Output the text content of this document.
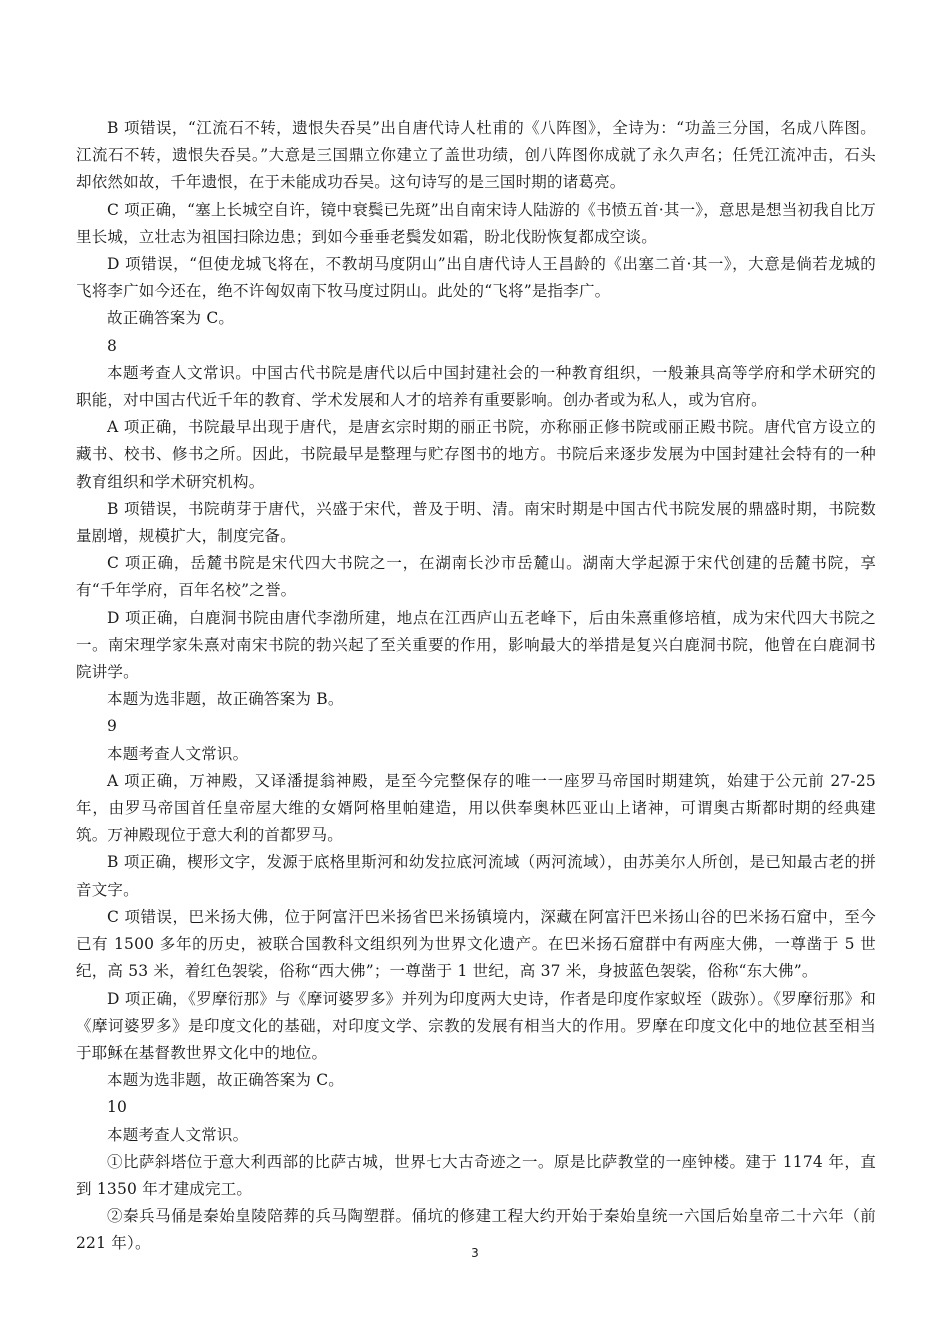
B 项错误，“江流石不转，遗恨失吞吴”出自唐代诗人杜甫的《八阵图》，全诗为：“功盖三分国，名成八阵图。江流石不转，遗恨失吞吴。”大意是三国鼎立你建立了盖世功绩，创八阵图你成就了永久声名；任凭江流冲击，石头却依然如故，千年遗恨，在于未能成功吞吴。这句诗写的是三国时期的诸葛亮。

C 项正确，“塞上长城空自许，镜中衰鬓已先斑”出自南宋诗人陆游的《书愤五首·其一》，意思是想当初我自比万里长城，立壮志为祖国扫除边患；到如今垂垂老鬓发如霜，盼北伐盼恢复都成空谈。

D 项错误，“但使龙城飞将在，不教胡马度阴山”出自唐代诗人王昌龄的《出塞二首·其一》，大意是倘若龙城的飞将李广如今还在，绝不许匈奴南下牧马度过阴山。此处的“飞将”是指李广。

故正确答案为 C。

8

本题考查人文常识。中国古代书院是唐代以后中国封建社会的一种教育组织，一般兼具高等学府和学术研究的职能，对中国古代近千年的教育、学术发展和人才的培养有重要影响。创办者或为私人，或为官府。

A 项正确，书院最早出现于唐代，是唐玄宗时期的丽正书院，亦称丽正修书院或丽正殿书院。唐代官方设立的藏书、校书、修书之所。因此，书院最早是整理与贮存图书的地方。书院后来逐步发展为中国封建社会特有的一种教育组织和学术研究机构。

B 项错误，书院萌芽于唐代，兴盛于宋代，普及于明、清。南宋时期是中国古代书院发展的鼎盛时期，书院数量剧增，规模扩大，制度完备。

C 项正确，岳麓书院是宋代四大书院之一，在湖南长沙市岳麓山。湖南大学起源于宋代创建的岳麓书院，享有“千年学府，百年名校”之誉。

D 项正确，白鹿洞书院由唐代李渤所建，地点在江西庐山五老峰下，后由朱熹重修培植，成为宋代四大书院之一。南宋理学家朱熹对南宋书院的勃兴起了至关重要的作用，影响最大的举措是复兴白鹿洞书院，他曾在白鹿洞书院讲学。

本题为选非题，故正确答案为 B。

9

本题考查人文常识。

A 项正确，万神殿，又译潘提翁神殿，是至今完整保存的唯一一座罗马帝国时期建筑，始建于公元前 27-25 年，由罗马帝国首任皇帝屋大维的女婿阿格里帕建造，用以供奉奥林匹亚山上诸神，可谓奥古斯都时期的经典建筑。万神殿现位于意大利的首都罗马。

B 项正确，楔形文字，发源于底格里斯河和幼发拉底河流域（两河流域），由苏美尔人所创，是已知最古老的拼音文字。

C 项错误，巴米扬大佛，位于阿富汗巴米扬省巴米扬镇境内，深藏在阿富汗巴米扬山谷的巴米扬石窟中，至今已有 1500 多年的历史，被联合国教科文组织列为世界文化遗产。在巴米扬石窟群中有两座大佛，一尊凿于 5 世纪，高 53 米，着红色袈裟，俗称“西大佛”；一尊凿于 1 世纪，高 37 米，身披蓝色袈裟，俗称“东大佛”。

D 项正确，《罗摩衍那》与《摩诃婆罗多》并列为印度两大史诗，作者是印度作家蚁垤（跋弥）。《罗摩衍那》和《摩诃婆罗多》是印度文化的基础，对印度文学、宗教的发展有相当大的作用。罗摩在印度文化中的地位甚至相当于耶稣在基督教世界文化中的地位。

本题为选非题，故正确答案为 C。

10

本题考查人文常识。

①比萨斜塔位于意大利西部的比萨古城，世界七大古奇迹之一。原是比萨教堂的一座钟楼。建于 1174 年，直到 1350 年才建成完工。

②秦兵马俑是秦始皇陵陪葬的兵马陶塑群。俑坑的修建工程大约开始于秦始皇统一六国后始皇帝二十六年（前 221 年）。

3
